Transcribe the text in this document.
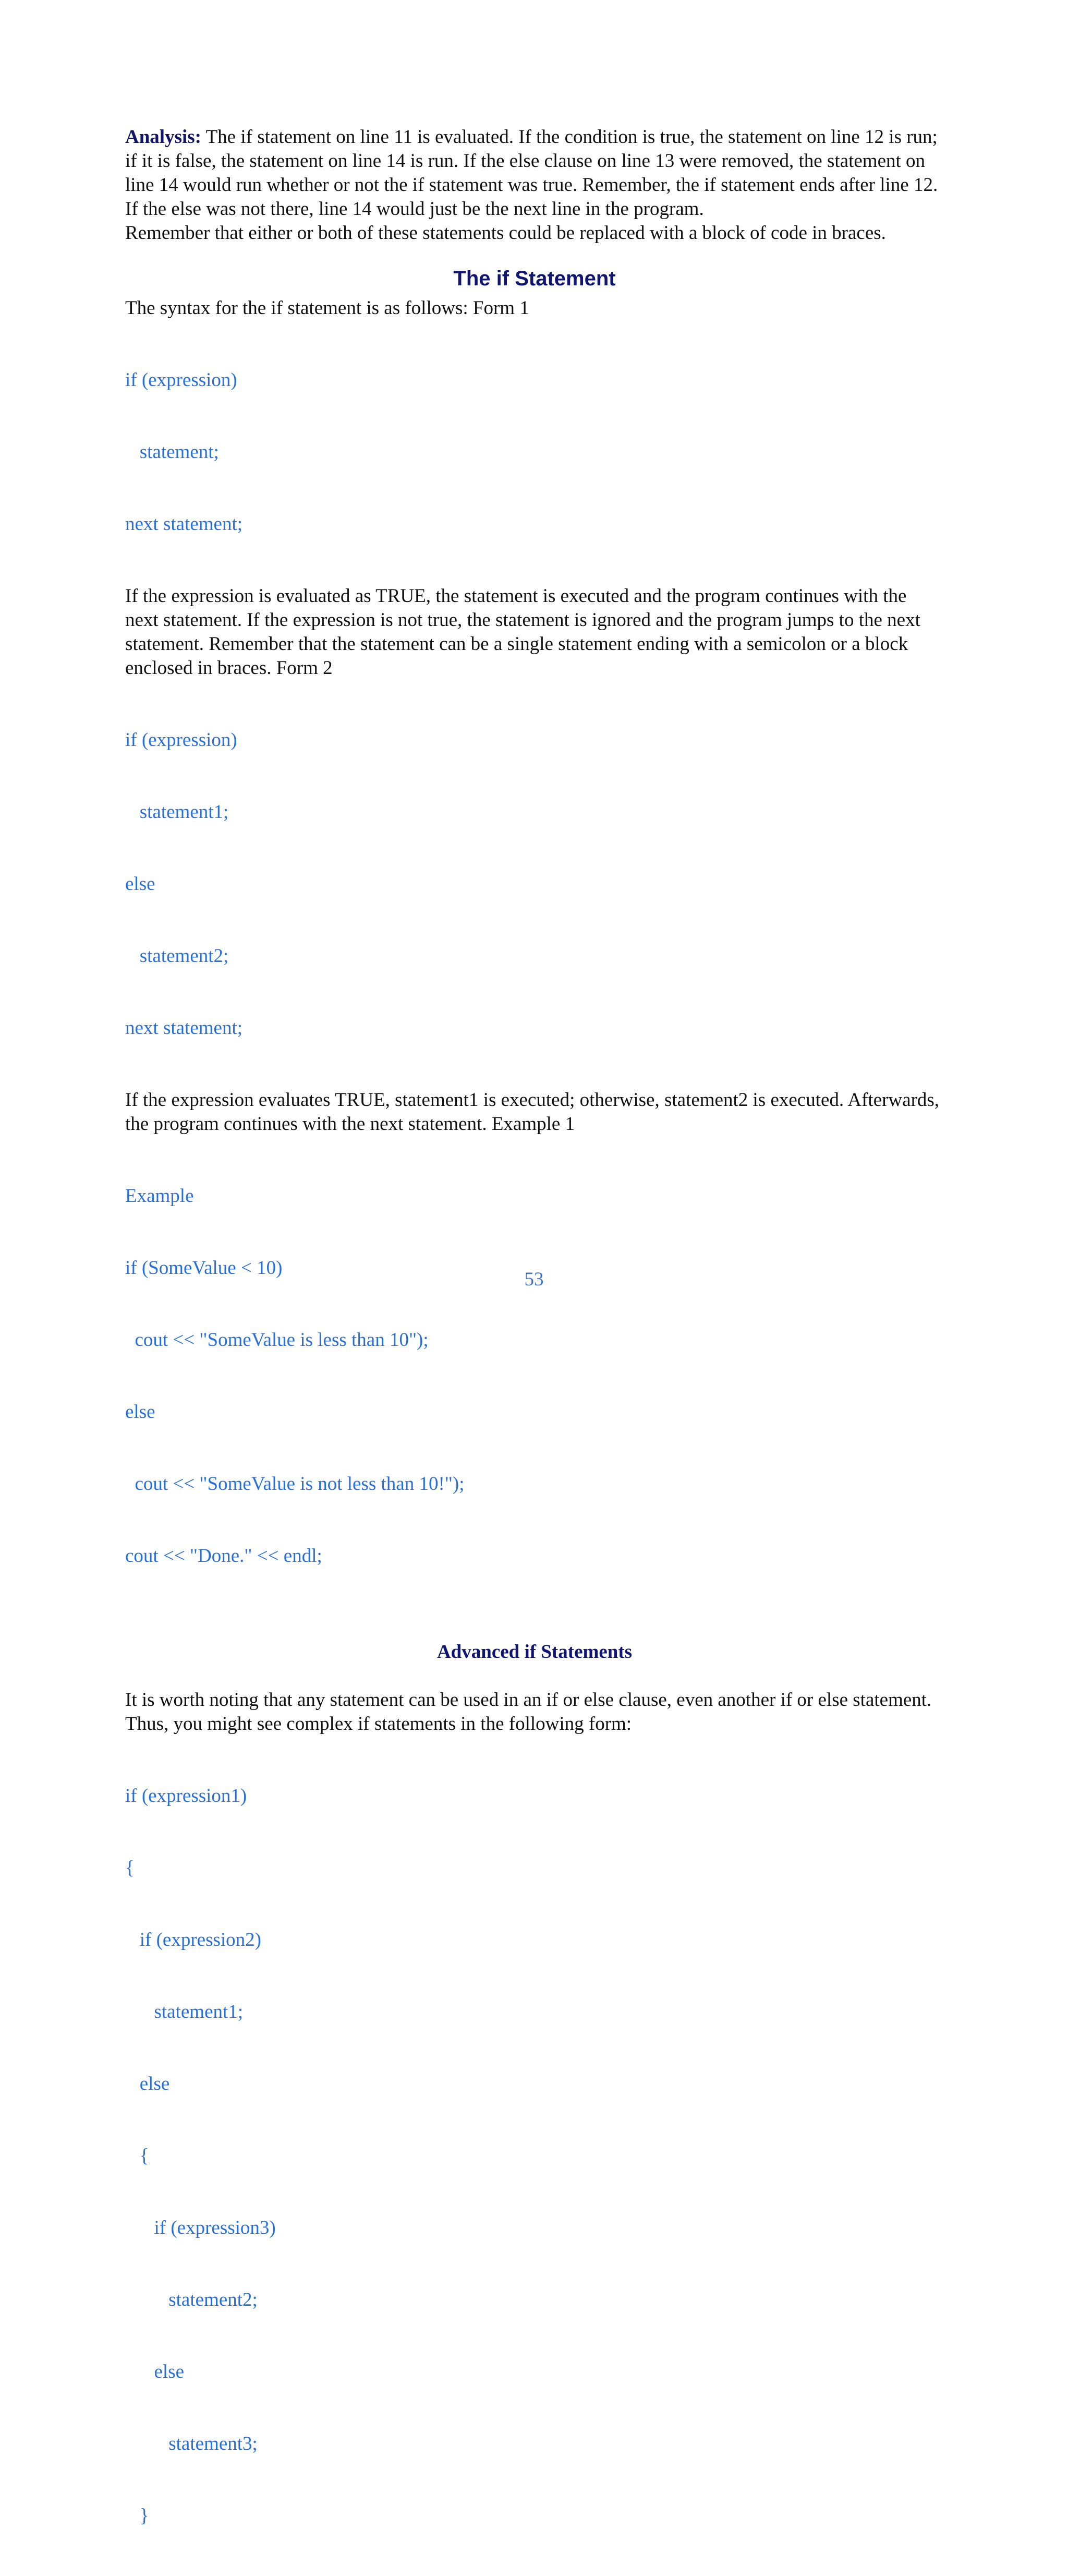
Analysis: The if statement on line 11 is evaluated. If the condition is true, the statement on line 12 is run; if it is false, the statement on line 14 is run. If the else clause on line 13 were removed, the statement on line 14 would run whether or not the if statement was true. Remember, the if statement ends after line 12. If the else was not there, line 14 would just be the next line in the program.

Remember that either or both of these statements could be replaced with a block of code in braces.

The if Statement

The syntax for the if statement is as follows: Form 1

if (expression)

statement;

next statement;

If the expression is evaluated as TRUE, the statement is executed and the program continues with the next statement. If the expression is not true, the statement is ignored and the program jumps to the next statement. Remember that the statement can be a single statement ending with a semicolon or a block enclosed in braces. Form 2

if (expression)

statement1;

else

statement2;

next statement;

If the expression evaluates TRUE, statement1 is executed; otherwise, statement2 is executed. Afterwards, the program continues with the next statement. Example 1

Example

if (SomeValue < 10)

cout << "SomeValue is less than 10");

else

cout << "SomeValue is not less than 10!");

cout << "Done." << endl;

Advanced if Statements

It is worth noting that any statement can be used in an if or else clause, even another if or else statement. Thus, you might see complex if statements in the following form:

if (expression1)

{

if (expression2)

statement1;

else

{

if (expression3)

statement2;

else

statement3;

}

53
